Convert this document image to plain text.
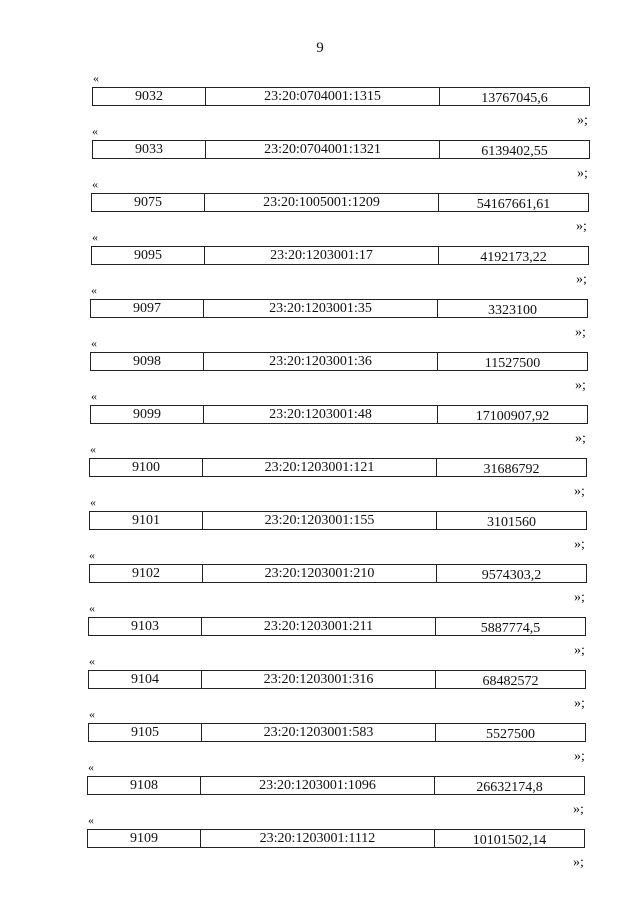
9
«
9032	23:20:0704001:1315	13767045,6
»;
«
9033	23:20:0704001:1321	6139402,55
»;
«
9075	23:20:1005001:1209	54167661,61
»;
«
9095	23:20:1203001:17	4192173,22
»;
«
9097	23:20:1203001:35	3323100
»;
«
9098	23:20:1203001:36	11527500
»;
«
9099	23:20:1203001:48	17100907,92
»;
«
9100	23:20:1203001:121	31686792
»;
«
9101	23:20:1203001:155	3101560
»;
«
9102	23:20:1203001:210	9574303,2
»;
«
9103	23:20:1203001:211	5887774,5
»;
«
9104	23:20:1203001:316	68482572
»;
«
9105	23:20:1203001:583	5527500
»;
«
9108	23:20:1203001:1096	26632174,8
»;
«
9109	23:20:1203001:1112	10101502,14
»;
